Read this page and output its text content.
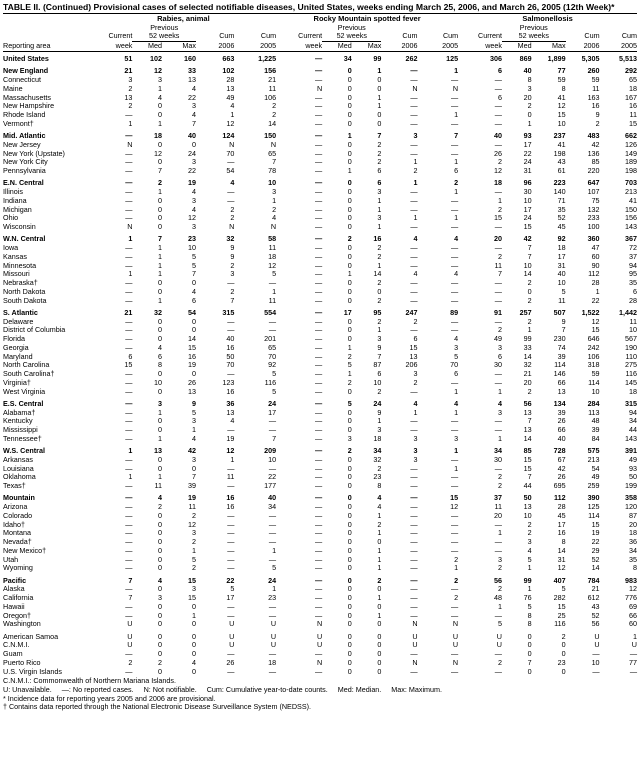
TABLE II. (Continued) Provisional cases of selected notifiable diseases, United States, weeks ending March 25, 2006, and March 26, 2005 (12th Week)*
	Rabies, animal					Rocky Mountain spotted fever					Salmonellosis				
		Previous					Previous					Previous			
	Current	52 weeks		Cum	Cum	Current	52 weeks		Cum	Cum	Current	52 weeks		Cum	Cum
Reporting area	week	Med	Max	2006	2005	week	Med	Max	2006	2005	week	Med	Max	2006	2005

United States	51	102	160	663	1,225	—	34	99	262	125	306	869	1,899	5,305	5,513

New England	21	12	33	102	156	—	0	1	—	1	6	40	77	260	292
Connecticut	3	3	13	28	21	—	0	0	—	—	—	8	59	59	65
Maine	2	1	4	13	11	N	0	0	N	N	—	3	8	11	18
Massachusetts	13	4	22	49	106	—	0	1	—	—	6	20	41	163	167
New Hampshire	2	0	3	4	2	—	0	1	—	—	—	2	12	16	16
Rhode Island	—	0	4	1	2	—	0	0	—	1	—	0	15	9	11
Vermont†	1	1	7	12	14	—	0	0	—	—	—	1	10	2	15

Mid. Atlantic	—	18	40	124	150	—	1	7	3	7	40	93	237	483	662
New Jersey	N	0	0	N	N	—	0	2	—	—	—	17	41	42	126
New York (Upstate)	—	12	24	70	65	—	0	2	—	—	26	22	198	136	149
New York City	—	0	3	—	7	—	0	2	1	1	2	24	43	85	189
Pennsylvania	—	7	22	54	78	—	1	6	2	6	12	31	61	220	198

E.N. Central	—	2	19	4	10	—	0	6	1	2	18	96	223	647	703
Illinois	—	1	4	—	3	—	0	3	—	1	—	30	140	107	213
Indiana	—	0	3	—	1	—	0	1	—	—	1	10	71	75	41
Michigan	—	0	4	2	2	—	0	1	—	—	2	17	35	132	150
Ohio	—	0	12	2	4	—	0	3	1	1	15	24	52	233	156
Wisconsin	N	0	3	N	N	—	0	1	—	—	—	15	45	100	143

W.N. Central	1	7	23	32	58	—	2	16	4	4	20	42	92	360	367
Iowa	—	1	10	9	11	—	0	2	—	—	—	7	18	47	72
Kansas	—	1	5	9	18	—	0	2	—	—	2	7	17	60	37
Minnesota	—	1	5	2	12	—	0	1	—	—	11	10	31	90	94
Missouri	1	1	7	3	5	—	1	14	4	4	7	14	40	112	95
Nebraska†	—	0	0	—	—	—	0	2	—	—	—	2	10	28	35
North Dakota	—	0	4	2	1	—	0	0	—	—	—	0	5	1	6
South Dakota	—	1	6	7	11	—	0	2	—	—	—	2	11	22	28

S. Atlantic	21	32	54	315	554	—	17	95	247	89	91	257	507	1,522	1,442
Delaware	—	0	0	—	—	—	0	2	2	—	—	2	9	12	11
District of Columbia	—	0	0	—	—	—	0	1	—	—	2	1	7	15	10
Florida	—	0	14	40	201	—	0	3	6	4	49	99	230	646	567
Georgia	—	4	15	16	65	—	1	9	15	3	3	33	74	242	190
Maryland	6	6	16	50	70	—	2	7	13	5	6	14	39	106	110
North Carolina	15	8	19	70	92	—	5	87	206	70	30	32	114	318	275
South Carolina†	—	0	0	—	5	—	1	6	3	6	—	21	146	59	116
Virginia†	—	10	26	123	116	—	2	10	2	—	—	20	66	114	145
West Virginia	—	0	13	16	5	—	0	2	—	1	1	2	13	10	18

E.S. Central	—	3	9	36	24	—	5	24	4	4	4	56	134	284	315
Alabama†	—	1	5	13	17	—	0	9	1	1	3	13	39	113	94
Kentucky	—	0	3	4	—	—	0	1	—	—	—	7	26	48	34
Mississippi	—	0	1	—	—	—	0	3	—	—	—	13	66	39	44
Tennessee†	—	1	4	19	7	—	3	18	3	3	1	14	40	84	143

W.S. Central	1	13	42	12	209	—	2	34	3	1	34	85	728	575	391
Arkansas	—	0	3	1	10	—	0	32	3	—	30	15	67	213	49
Louisiana	—	0	0	—	—	—	0	2	—	1	—	15	42	54	93
Oklahoma	1	1	7	11	22	—	0	23	—	—	2	7	26	49	50
Texas†	—	11	39	—	177	—	0	8	—	—	2	44	695	259	199

Mountain	—	4	19	16	40	—	0	4	—	15	37	50	112	390	358
Arizona	—	2	11	16	34	—	0	4	—	12	11	13	28	125	120
Colorado	—	0	2	—	—	—	0	1	—	—	20	10	45	114	87
Idaho†	—	0	12	—	—	—	0	2	—	—	—	2	17	15	20
Montana	—	0	3	—	—	—	0	1	—	—	1	2	16	19	18
Nevada†	—	0	2	—	—	—	0	0	—	—	—	3	8	22	36
New Mexico†	—	0	1	—	1	—	0	1	—	—	—	4	14	29	34
Utah	—	0	5	—	—	—	0	1	—	2	3	5	31	52	35
Wyoming	—	0	2	—	5	—	0	1	—	1	2	1	12	14	8

Pacific	7	4	15	22	24	—	0	2	—	2	56	99	407	784	983
Alaska	—	0	3	5	1	—	0	0	—	—	2	1	5	21	12
California	7	3	15	17	23	—	0	1	—	2	48	76	282	612	776
Hawaii	—	0	0	—	—	—	0	0	—	—	1	5	15	43	69
Oregon†	—	0	1	—	—	—	0	1	—	—	—	8	25	52	66
Washington	U	0	0	U	U	N	0	0	N	N	5	8	116	56	60

American Samoa	U	0	0	U	U	U	0	0	U	U	U	0	2	U	1
C.N.M.I.	U	0	0	U	U	U	0	0	U	U	U	0	0	U	U
Guam	—	0	0	—	—	—	0	0	—	—	—	0	0	—	—
Puerto Rico	2	2	4	26	18	N	0	0	N	N	2	7	23	10	77
U.S. Virgin Islands	—	0	0	—	—	—	0	0	—	—	—	0	0	—	—
C.N.M.I.: Commonwealth of Northern Mariana Islands.
U: Unavailable.     —: No reported cases.     N: Not notifiable.     Cum: Cumulative year-to-date counts.     Med: Median.     Max: Maximum.
* Incidence data for reporting years 2005 and 2006 are provisional.
† Contains data reported through the National Electronic Disease Surveillance System (NEDSS).
